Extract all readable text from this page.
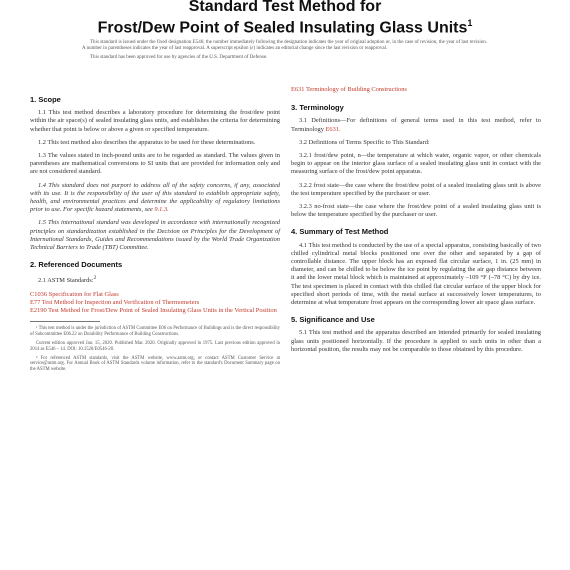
Standard Test Method for
Frost/Dew Point of Sealed Insulating Glass Units$^1$

This standard is issued under the fixed designation E546; the number immediately following the designation indicates the year of original adoption or, in the case of revision, the year of last revision. A number in parentheses indicates the year of last reapproval. A superscript epsilon (ε) indicates an editorial change since the last revision or reapproval.

This standard has been approved for use by agencies of the U.S. Department of Defense.

1. Scope

1.1 This test method describes a laboratory procedure for determining the frost/dew point within the air space(s) of sealed insulating glass units, and establishes the criteria for determining whether that point is below or above a given or specified temperature.

1.2 This test method also describes the apparatus to be used for these determinations.

1.3 The values stated in inch-pound units are to be regarded as standard. The values given in parentheses are mathematical conversions to SI units that are provided for information only and are not considered standard.

1.4 This standard does not purport to address all of the safety concerns, if any, associated with its use. It is the responsibility of the user of this standard to establish appropriate safety, health, and environmental practices and determine the applicability of regulatory limitations prior to use. For specific hazard statements, see 9.1.3.

1.5 This international standard was developed in accordance with internationally recognized principles on standardization established in the Decision on Principles for the Development of International Standards, Guides and Recommendations issued by the World Trade Organization Technical Barriers to Trade (TBT) Committee.

2. Referenced Documents

2.1 ASTM Standards:$^2$

C1036 Specification for Flat Glass

E77 Test Method for Inspection and Verification of Thermometers

E2190 Test Method for Frost/Dew Point of Sealed Insulating Glass Units in the Vertical Position

¹ This test method is under the jurisdiction of ASTM Committee E06 on Performance of Buildings and is the direct responsibility of Subcommittee E06.22 on Durability Performance of Building Constructions.

Current edition approved Jan. 15, 2020. Published Mar. 2020. Originally approved in 1975. Last previous edition approved in 2014 as E546 – 14. DOI: 10.1520/E0546-20.

² For referenced ASTM standards, visit the ASTM website, www.astm.org, or contact ASTM Customer Service at service@astm.org. For Annual Book of ASTM Standards volume information, refer to the standard's Document Summary page on the ASTM website.

E631 Terminology of Building Constructions

3. Terminology

3.1 Definitions—For definitions of general terms used in this test method, refer to Terminology E631.

3.2 Definitions of Terms Specific to This Standard:

3.2.1 frost/dew point, n—the temperature at which water, organic vapor, or other chemicals begin to appear on the interior glass surface of a sealed insulating glass unit in contact with the measuring surface of the frost/dew point apparatus.

3.2.2 frost state—the case where the frost/dew point of a sealed insulating glass unit is above the test temperature specified by the purchaser or user.

3.2.3 no-frost state—the case where the frost/dew point of a sealed insulating glass unit is below the temperature specified by the purchaser or user.

4. Summary of Test Method

4.1 This test method is conducted by the use of a special apparatus, consisting basically of two chilled cylindrical metal blocks positioned one over the other and separated by a gap of controllable distance. The upper block has an exposed flat circular surface, 1 in. (25 mm) in diameter, and can be chilled to be below the ice point by regulating the air gap distance between it and the lower metal block which is maintained at approximately –109 °F (–78 °C) by dry ice. The test specimen is placed in contact with this chilled flat circular surface of the upper block for specified short periods of time, with the metal surface at successively lower temperatures, to determine at what temperature frost appears on the corresponding lower air space glass surface.

5. Significance and Use

5.1 This test method and the apparatus described are intended primarily for sealed insulating glass units positioned horizontally. If the procedure is applied to such units in other than a horizontal position, the results may not be comparable to those obtained by this procedure.
